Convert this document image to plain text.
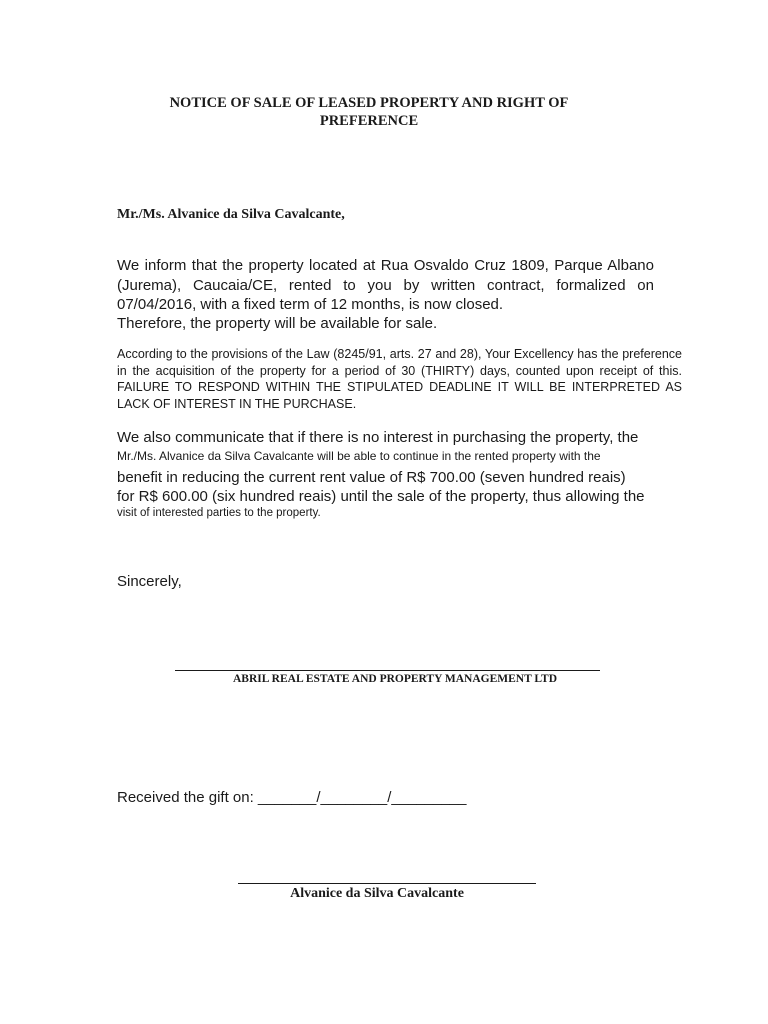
NOTICE OF SALE OF LEASED PROPERTY AND RIGHT OF
PREFERENCE
Mr./Ms. Alvanice da Silva Cavalcante,
We inform that the property located at Rua Osvaldo Cruz 1809, Parque Albano (Jurema), Caucaia/CE, rented to you by written contract, formalized on 07/04/2016, with a fixed term of 12 months, is now closed.
Therefore, the property will be available for sale.
According to the provisions of the Law (8245/91, arts. 27 and 28), Your Excellency has the preference in the acquisition of the property for a period of 30 (THIRTY) days, counted upon receipt of this. FAILURE TO RESPOND WITHIN THE STIPULATED DEADLINE IT WILL BE INTERPRETED AS LACK OF INTEREST IN THE PURCHASE.
We also communicate that if there is no interest in purchasing the property, the
Mr./Ms. Alvanice da Silva Cavalcante will be able to continue in the rented property with the
benefit in reducing the current rent value of R$ 700.00 (seven hundred reais)
for R$ 600.00 (six hundred reais) until the sale of the property, thus allowing the
visit of interested parties to the property.
Sincerely,
ABRIL REAL ESTATE AND PROPERTY MANAGEMENT LTD
Received the gift on: _______/________/_________
Alvanice da Silva Cavalcante
